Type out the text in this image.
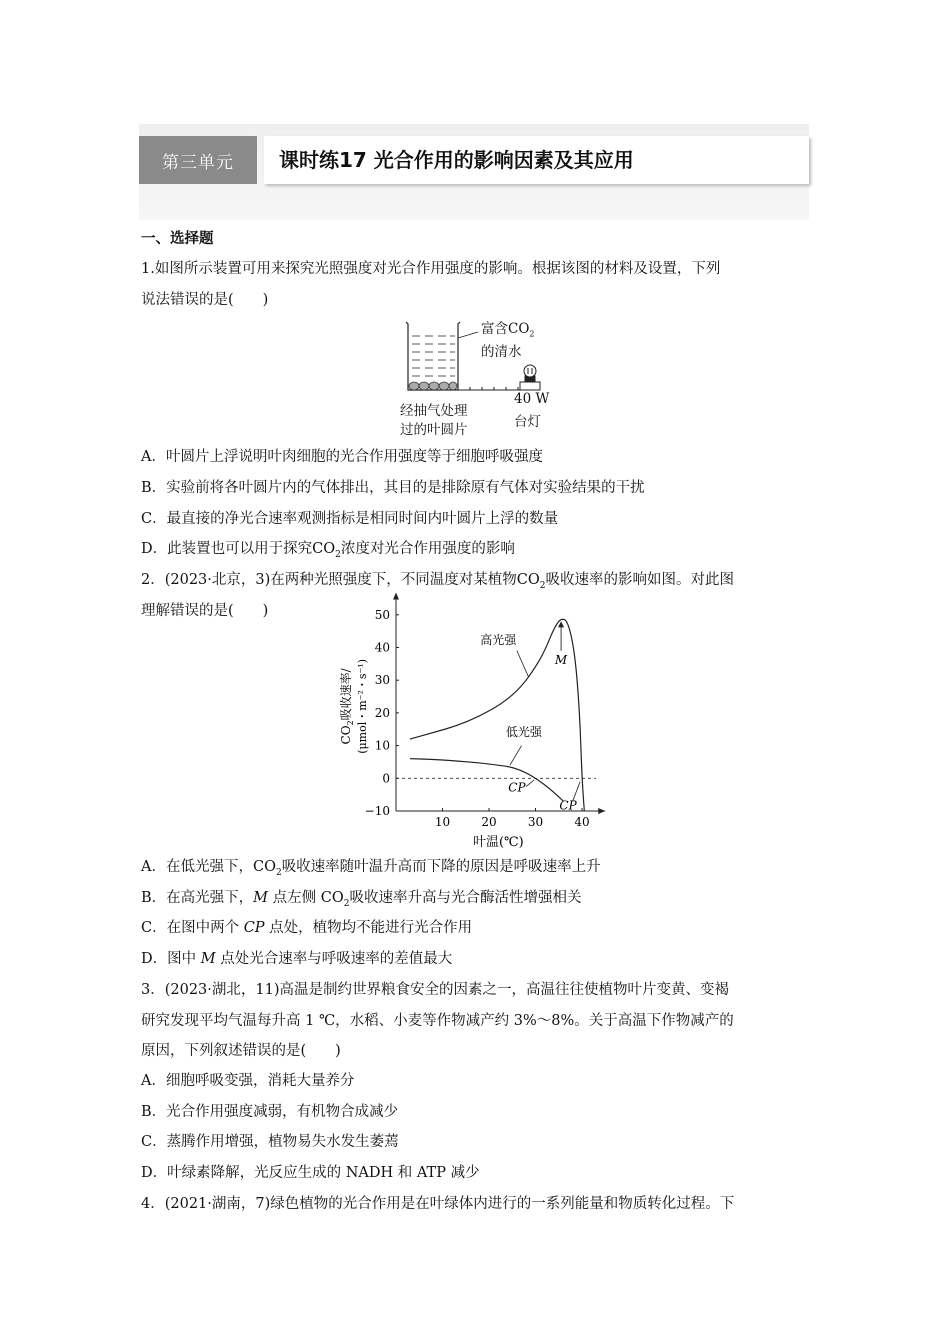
第三单元 课时练17 光合作用的影响因素及其应用
一、选择题
1.如图所示装置可用来探究光照强度对光合作用强度的影响。根据该图的材料及设置，下列
说法错误的是(　　)
富含$CO_2$
的清水
经抽气处理
过的叶圆片
40 W
台灯
A．叶圆片上浮说明叶肉细胞的光合作用强度等于细胞呼吸强度
B．实验前将各叶圆片内的气体排出，其目的是排除原有气体对实验结果的干扰
C．最直接的净光合速率观测指标是相同时间内叶圆片上浮的数量
D．此装置也可以用于探究$CO_2$浓度对光合作用强度的影响
2．(2023·北京，3)在两种光照强度下，不同温度对某植物$CO_2$吸收速率的影响如图。对此图
理解错误的是(　　)
10	20	30	40
50
40
30
20
10
0
−10
高光强
低光强
M
CP
CP
叶温(℃)
$CO_2$吸收速率/ (μmol・m⁻²・s⁻¹)
A．在低光强下，$CO_2$吸收速率随叶温升高而下降的原因是呼吸速率上升
B．在高光强下，M 点左侧 $CO_2$吸收速率升高与光合酶活性增强相关
C．在图中两个 CP 点处，植物均不能进行光合作用
D．图中 M 点处光合速率与呼吸速率的差值最大
3．(2023·湖北，11)高温是制约世界粮食安全的因素之一，高温往往使植物叶片变黄、变褐
研究发现平均气温每升高 1 ℃，水稻、小麦等作物减产约 3%～8%。关于高温下作物减产的
原因，下列叙述错误的是(　　)
A．细胞呼吸变强，消耗大量养分
B．光合作用强度减弱，有机物合成减少
C．蒸腾作用增强，植物易失水发生萎蔫
D．叶绿素降解，光反应生成的 NADH 和 ATP 减少
4．(2021·湖南，7)绿色植物的光合作用是在叶绿体内进行的一系列能量和物质转化过程。下
